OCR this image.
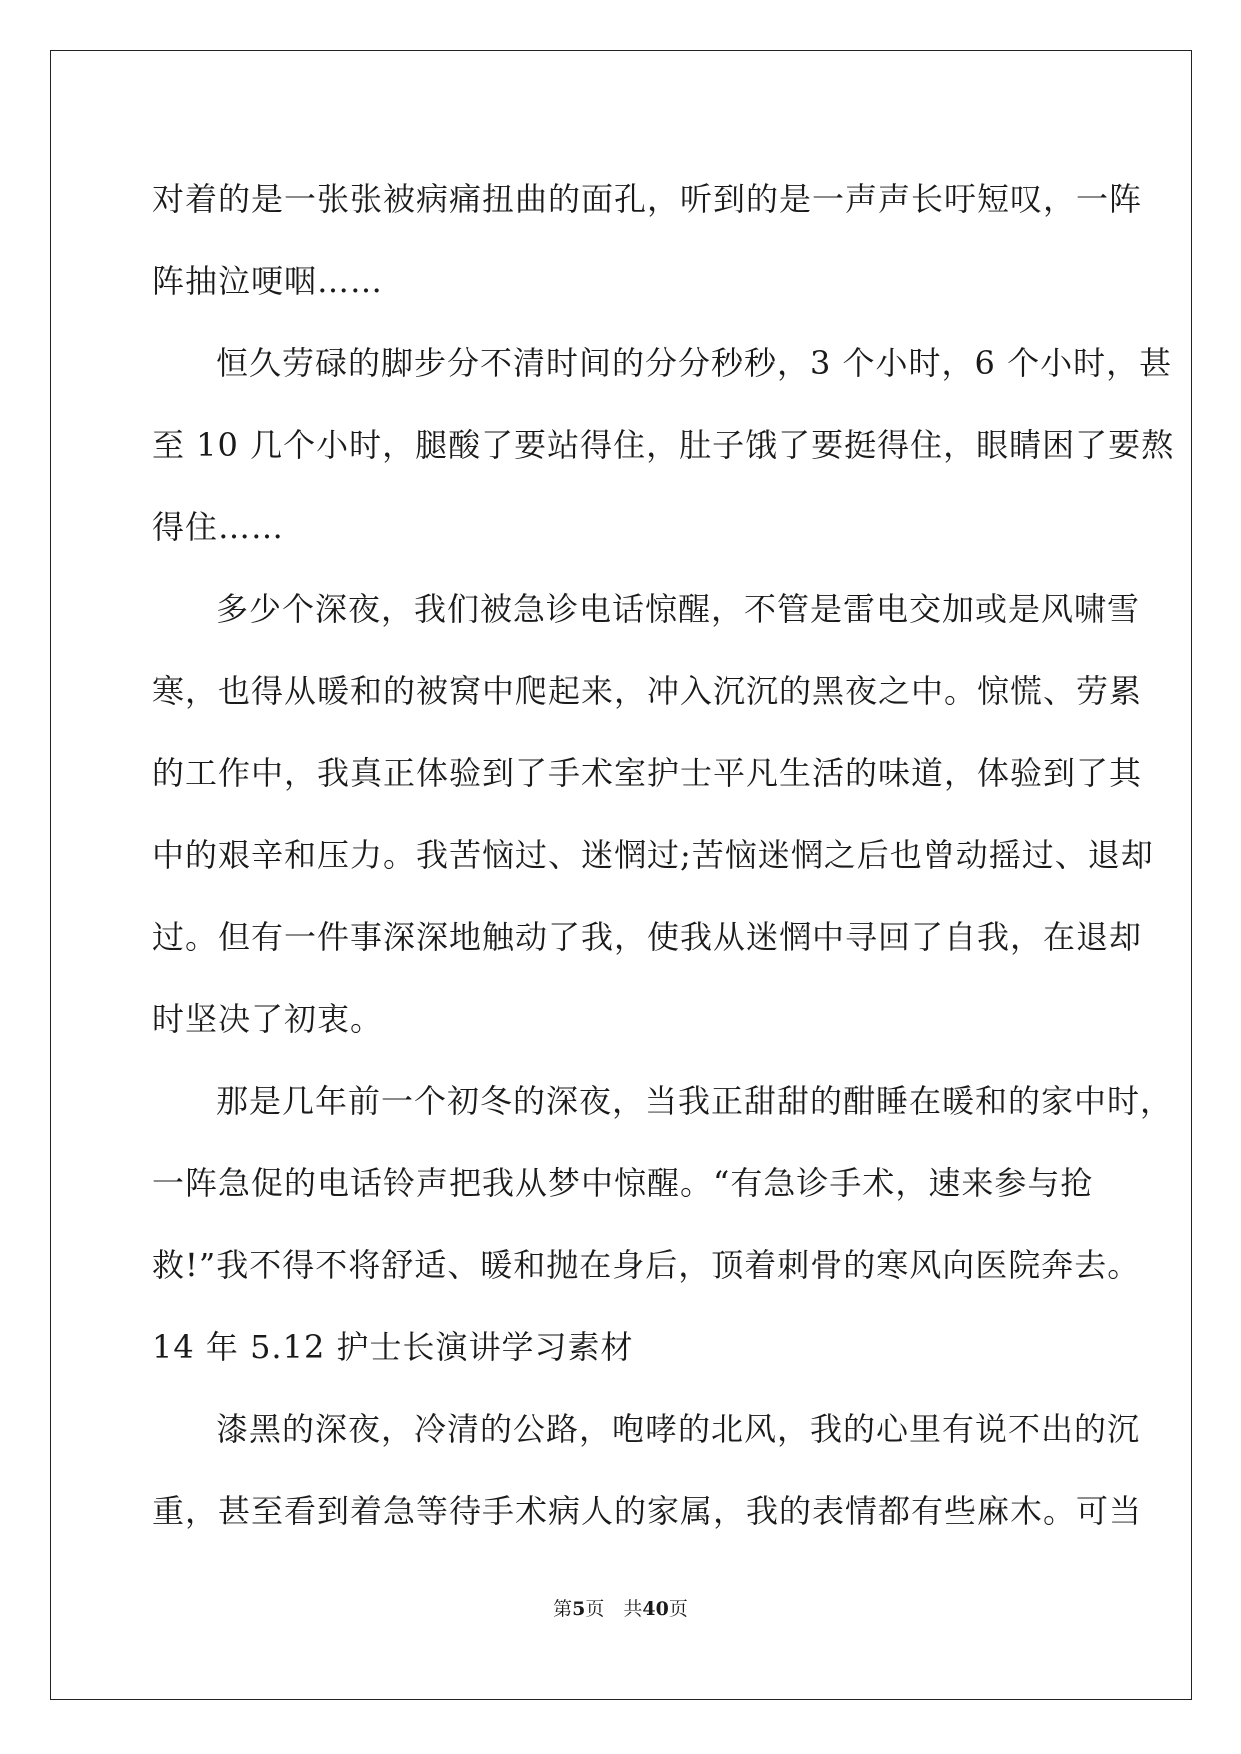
对着的是一张张被病痛扭曲的面孔，听到的是一声声长吁短叹，一阵
阵抽泣哽咽……
恒久劳碌的脚步分不清时间的分分秒秒，3 个小时，6 个小时，甚
至 10 几个小时，腿酸了要站得住，肚子饿了要挺得住，眼睛困了要熬
得住……
多少个深夜，我们被急诊电话惊醒，不管是雷电交加或是风啸雪
寒，也得从暖和的被窝中爬起来，冲入沉沉的黑夜之中。惊慌、劳累
的工作中，我真正体验到了手术室护士平凡生活的味道，体验到了其
中的艰辛和压力。我苦恼过、迷惘过;苦恼迷惘之后也曾动摇过、退却
过。但有一件事深深地触动了我，使我从迷惘中寻回了自我，在退却
时坚决了初衷。
那是几年前一个初冬的深夜，当我正甜甜的酣睡在暖和的家中时，
一阵急促的电话铃声把我从梦中惊醒。“有急诊手术，速来参与抢
救!”我不得不将舒适、暖和抛在身后，顶着刺骨的寒风向医院奔去。
14 年 5.12 护士长演讲学习素材
漆黑的深夜，冷清的公路，咆哮的北风，我的心里有说不出的沉
重，甚至看到着急等待手术病人的家属，我的表情都有些麻木。可当
第5页　共40页
